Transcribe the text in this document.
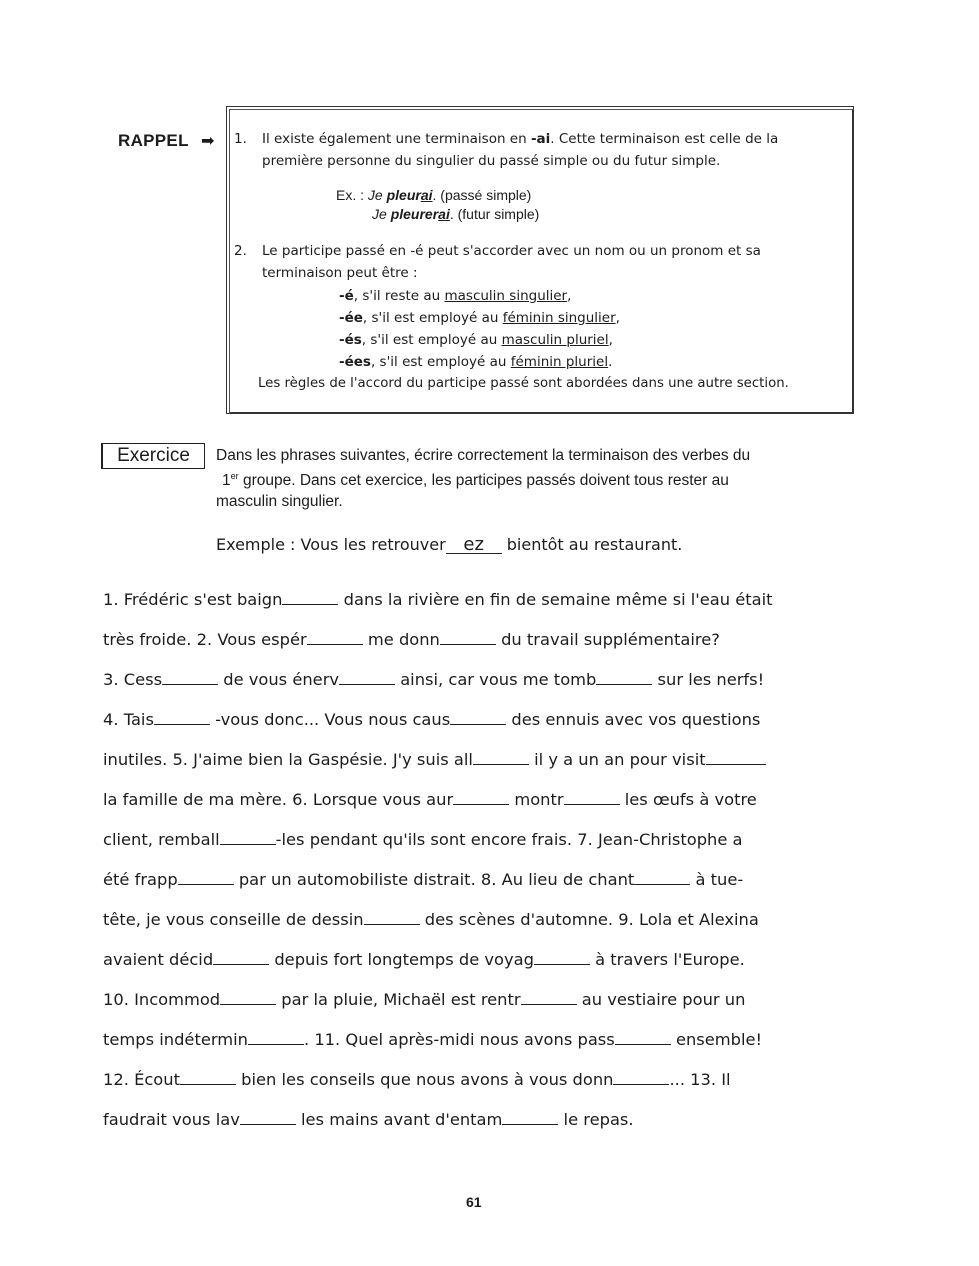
RAPPEL ➡ 1. Il existe également une terminaison en -ai. Cette terminaison est celle de la
première personne du singulier du passé simple ou du futur simple.
Ex. : Je pleurai. (passé simple)
Je pleurerai. (futur simple)
2. Le participe passé en -é peut s'accorder avec un nom ou un pronom et sa
terminaison peut être :
-é, s'il reste au masculin singulier,
-ée, s'il est employé au féminin singulier,
-és, s'il est employé au masculin pluriel,
-ées, s'il est employé au féminin pluriel.
Les règles de l'accord du participe passé sont abordées dans une autre section.
Exercice	Dans les phrases suivantes, écrire correctement la terminaison des verbes du
1er groupe. Dans cet exercice, les participes passés doivent tous rester au
masculin singulier.
Exemple : Vous les retrouver ez bientôt au restaurant.
1. Frédéric s'est baign	dans la rivière en fin de semaine même si l'eau était
très froide. 2. Vous espér	me donn	du travail supplémentaire?
3. Cess	de vous énerv	ainsi, car vous me tomb	sur les nerfs!
4. Tais	-vous donc... Vous nous caus	des ennuis avec vos questions
inutiles. 5. J'aime bien la Gaspésie. J'y suis all	il y a un an pour visit
la famille de ma mère. 6. Lorsque vous aur	montr	les œufs à votre
client, remball	-les pendant qu'ils sont encore frais. 7. Jean-Christophe a
été frapp	par un automobiliste distrait. 8. Au lieu de chant	à tue-
tête, je vous conseille de dessin	des scènes d'automne. 9. Lola et Alexina
avaient décid	depuis fort longtemps de voyag	à travers l'Europe.
10. Incommod	par la pluie, Michaël est rentr	au vestiaire pour un
temps indétermin	. 11. Quel après-midi nous avons pass	ensemble!
12. Écout	bien les conseils que nous avons à vous donn	... 13. Il
faudrait vous lav	les mains avant d'entam	le repas.
61
